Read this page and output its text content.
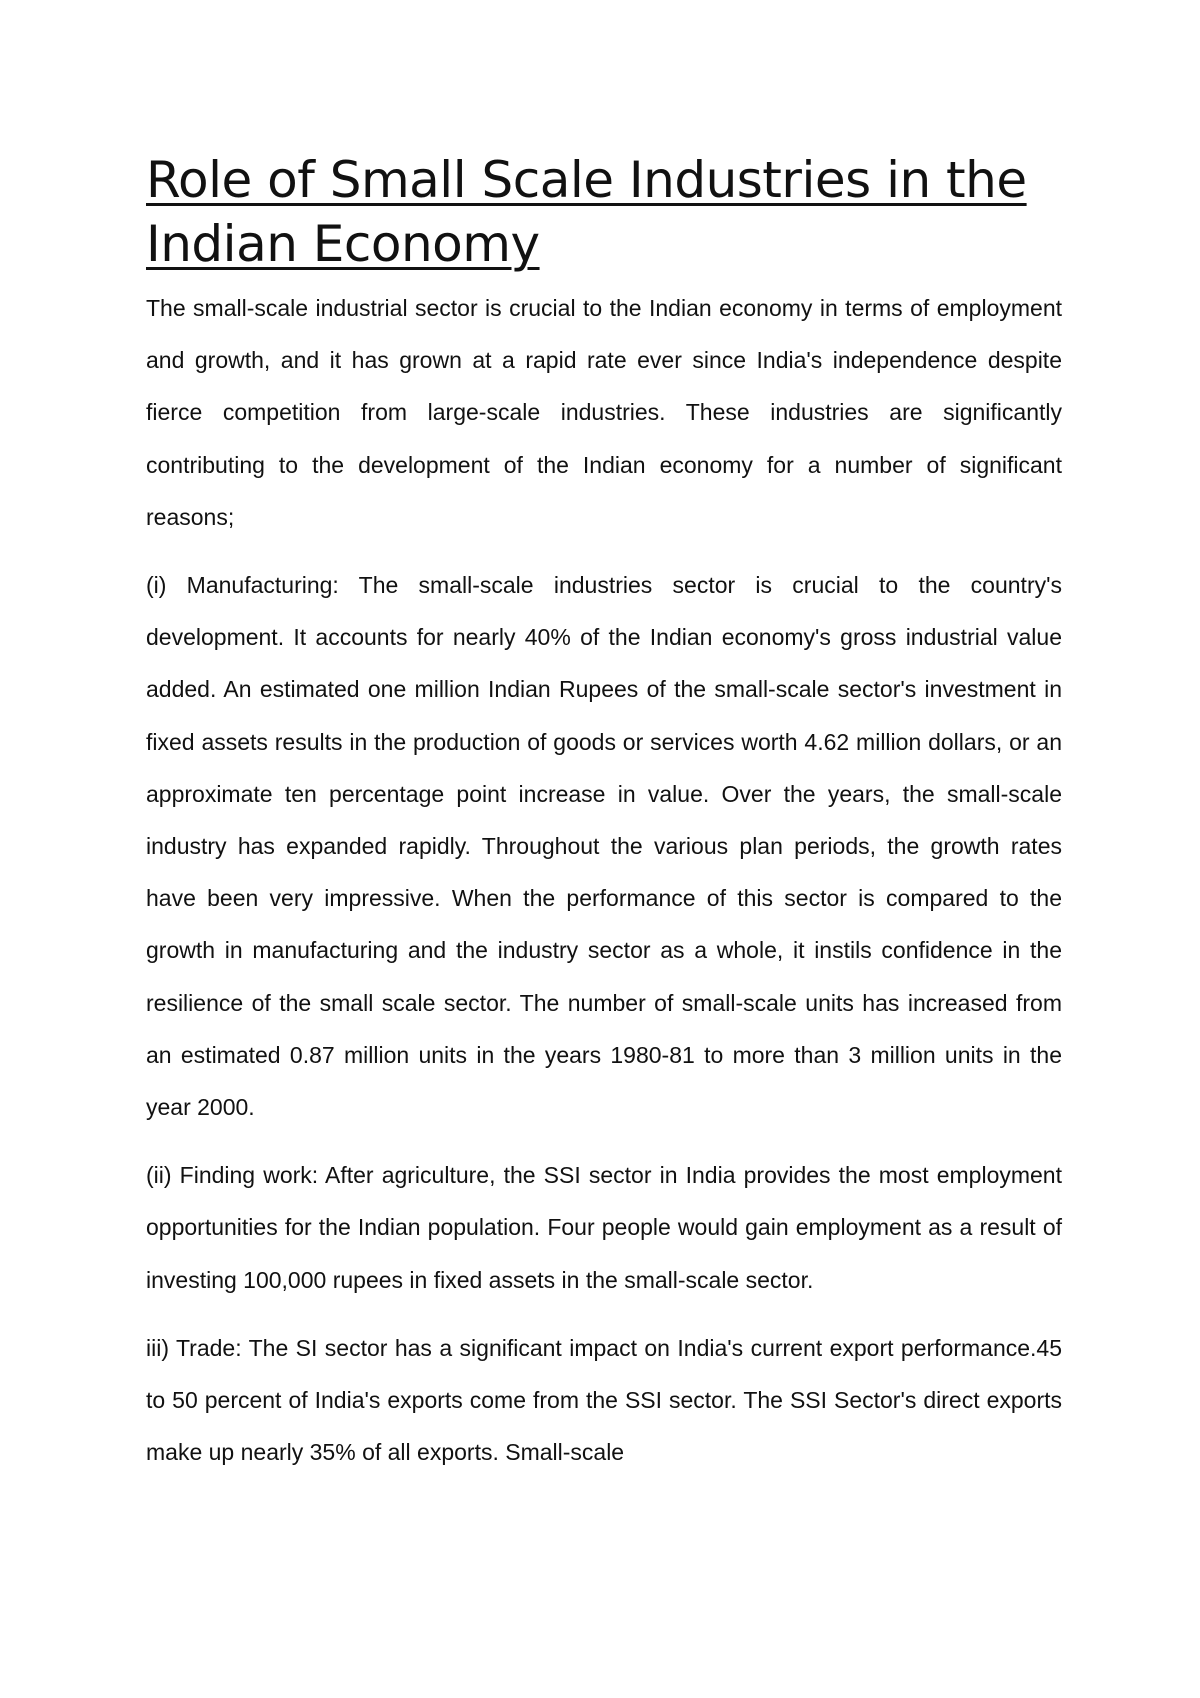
Role of Small Scale Industries in the Indian Economy

The small-scale industrial sector is crucial to the Indian economy in terms of employment and growth, and it has grown at a rapid rate ever since India's independence despite fierce competition from large-scale industries. These industries are significantly contributing to the development of the Indian economy for a number of significant reasons;

(i) Manufacturing: The small-scale industries sector is crucial to the country's development. It accounts for nearly 40% of the Indian economy's gross industrial value added. An estimated one million Indian Rupees of the small-scale sector's investment in fixed assets results in the production of goods or services worth 4.62 million dollars, or an approximate ten percentage point increase in value. Over the years, the small-scale industry has expanded rapidly. Throughout the various plan periods, the growth rates have been very impressive. When the performance of this sector is compared to the growth in manufacturing and the industry sector as a whole, it instils confidence in the resilience of the small scale sector. The number of small-scale units has increased from an estimated 0.87 million units in the years 1980-81 to more than 3 million units in the year 2000.

(ii) Finding work: After agriculture, the SSI sector in India provides the most employment opportunities for the Indian population. Four people would gain employment as a result of investing 100,000 rupees in fixed assets in the small-scale sector.

iii) Trade: The SI sector has a significant impact on India's current export performance.45 to 50 percent of India's exports come from the SSI sector. The SSI Sector's direct exports make up nearly 35% of all exports. Small-scale
